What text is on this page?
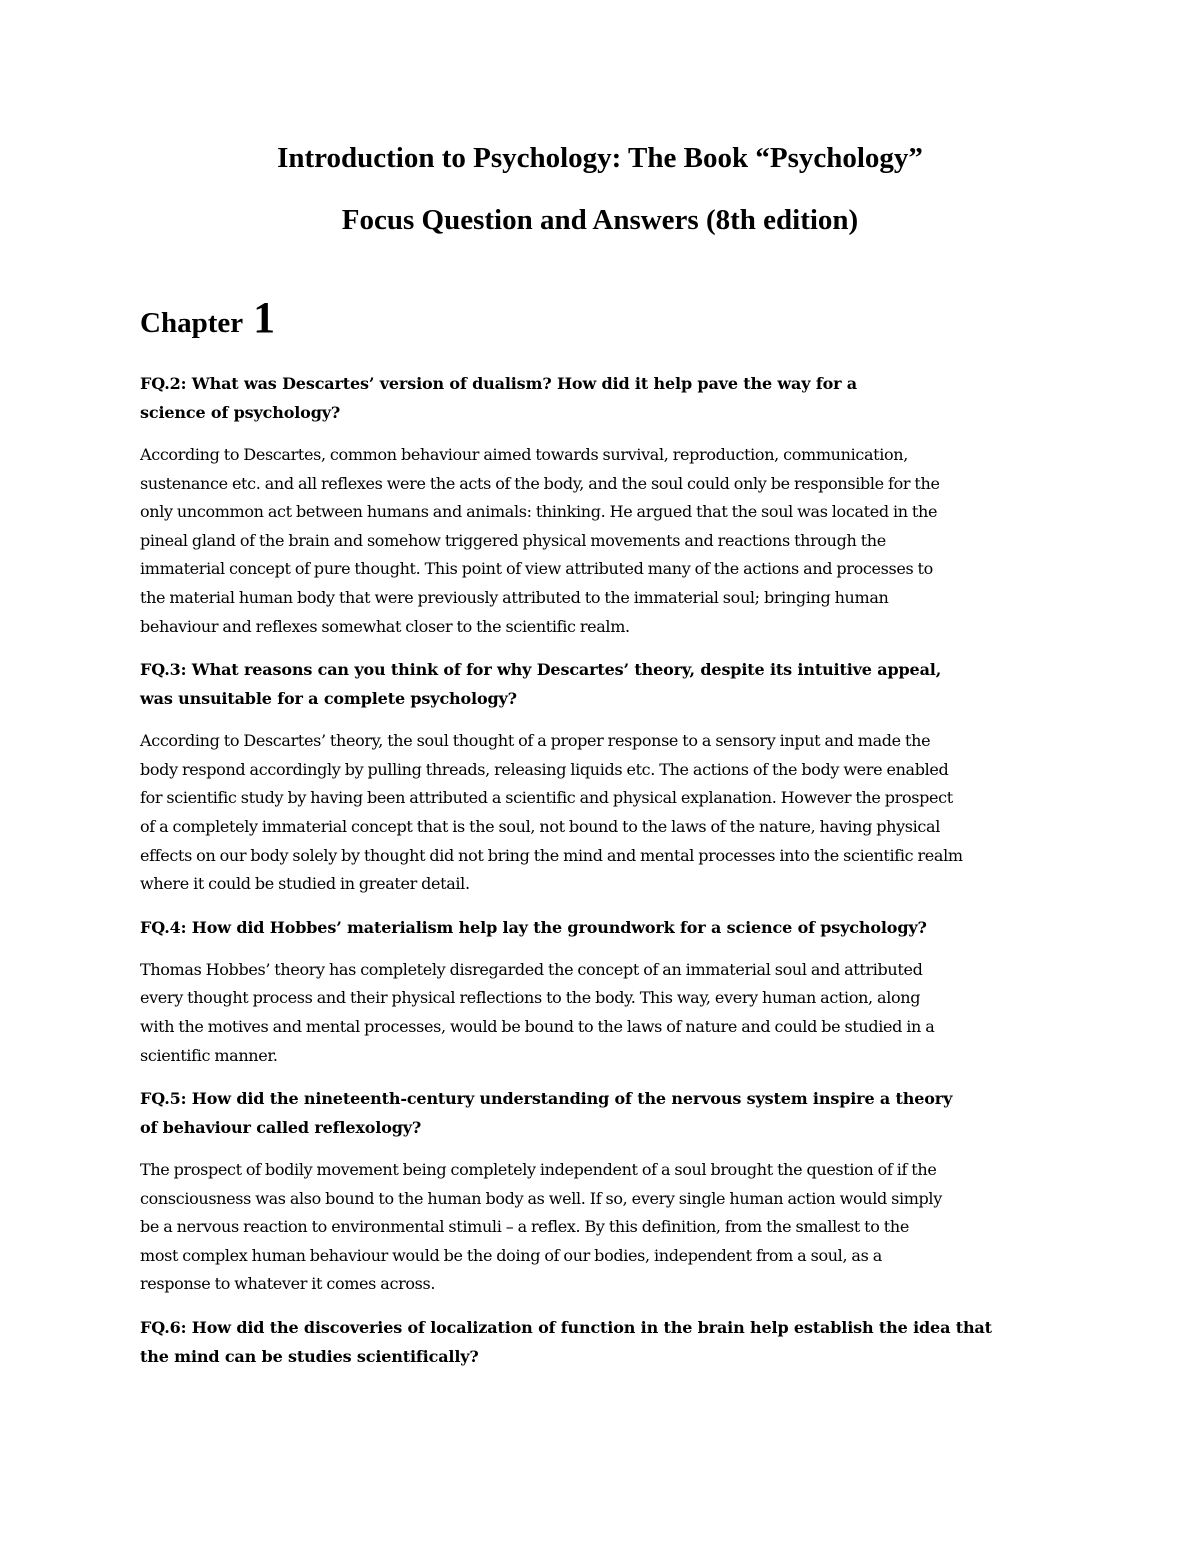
Introduction to Psychology: The Book “Psychology”
Focus Question and Answers (8th edition)
Chapter 1
FQ.2: What was Descartes’ version of dualism? How did it help pave the way for a
science of psychology?
According to Descartes, common behaviour aimed towards survival, reproduction, communication,
sustenance etc. and all reflexes were the acts of the body, and the soul could only be responsible for the
only uncommon act between humans and animals: thinking. He argued that the soul was located in the
pineal gland of the brain and somehow triggered physical movements and reactions through the
immaterial concept of pure thought. This point of view attributed many of the actions and processes to
the material human body that were previously attributed to the immaterial soul; bringing human
behaviour and reflexes somewhat closer to the scientific realm.
FQ.3: What reasons can you think of for why Descartes’ theory, despite its intuitive appeal,
was unsuitable for a complete psychology?
According to Descartes’ theory, the soul thought of a proper response to a sensory input and made the
body respond accordingly by pulling threads, releasing liquids etc. The actions of the body were enabled
for scientific study by having been attributed a scientific and physical explanation. However the prospect
of a completely immaterial concept that is the soul, not bound to the laws of the nature, having physical
effects on our body solely by thought did not bring the mind and mental processes into the scientific realm
where it could be studied in greater detail.
FQ.4: How did Hobbes’ materialism help lay the groundwork for a science of psychology?
Thomas Hobbes’ theory has completely disregarded the concept of an immaterial soul and attributed
every thought process and their physical reflections to the body. This way, every human action, along
with the motives and mental processes, would be bound to the laws of nature and could be studied in a
scientific manner.
FQ.5: How did the nineteenth-century understanding of the nervous system inspire a theory
of behaviour called reflexology?
The prospect of bodily movement being completely independent of a soul brought the question of if the
consciousness was also bound to the human body as well. If so, every single human action would simply
be a nervous reaction to environmental stimuli – a reflex. By this definition, from the smallest to the
most complex human behaviour would be the doing of our bodies, independent from a soul, as a
response to whatever it comes across.
FQ.6: How did the discoveries of localization of function in the brain help establish the idea that
the mind can be studies scientifically?
